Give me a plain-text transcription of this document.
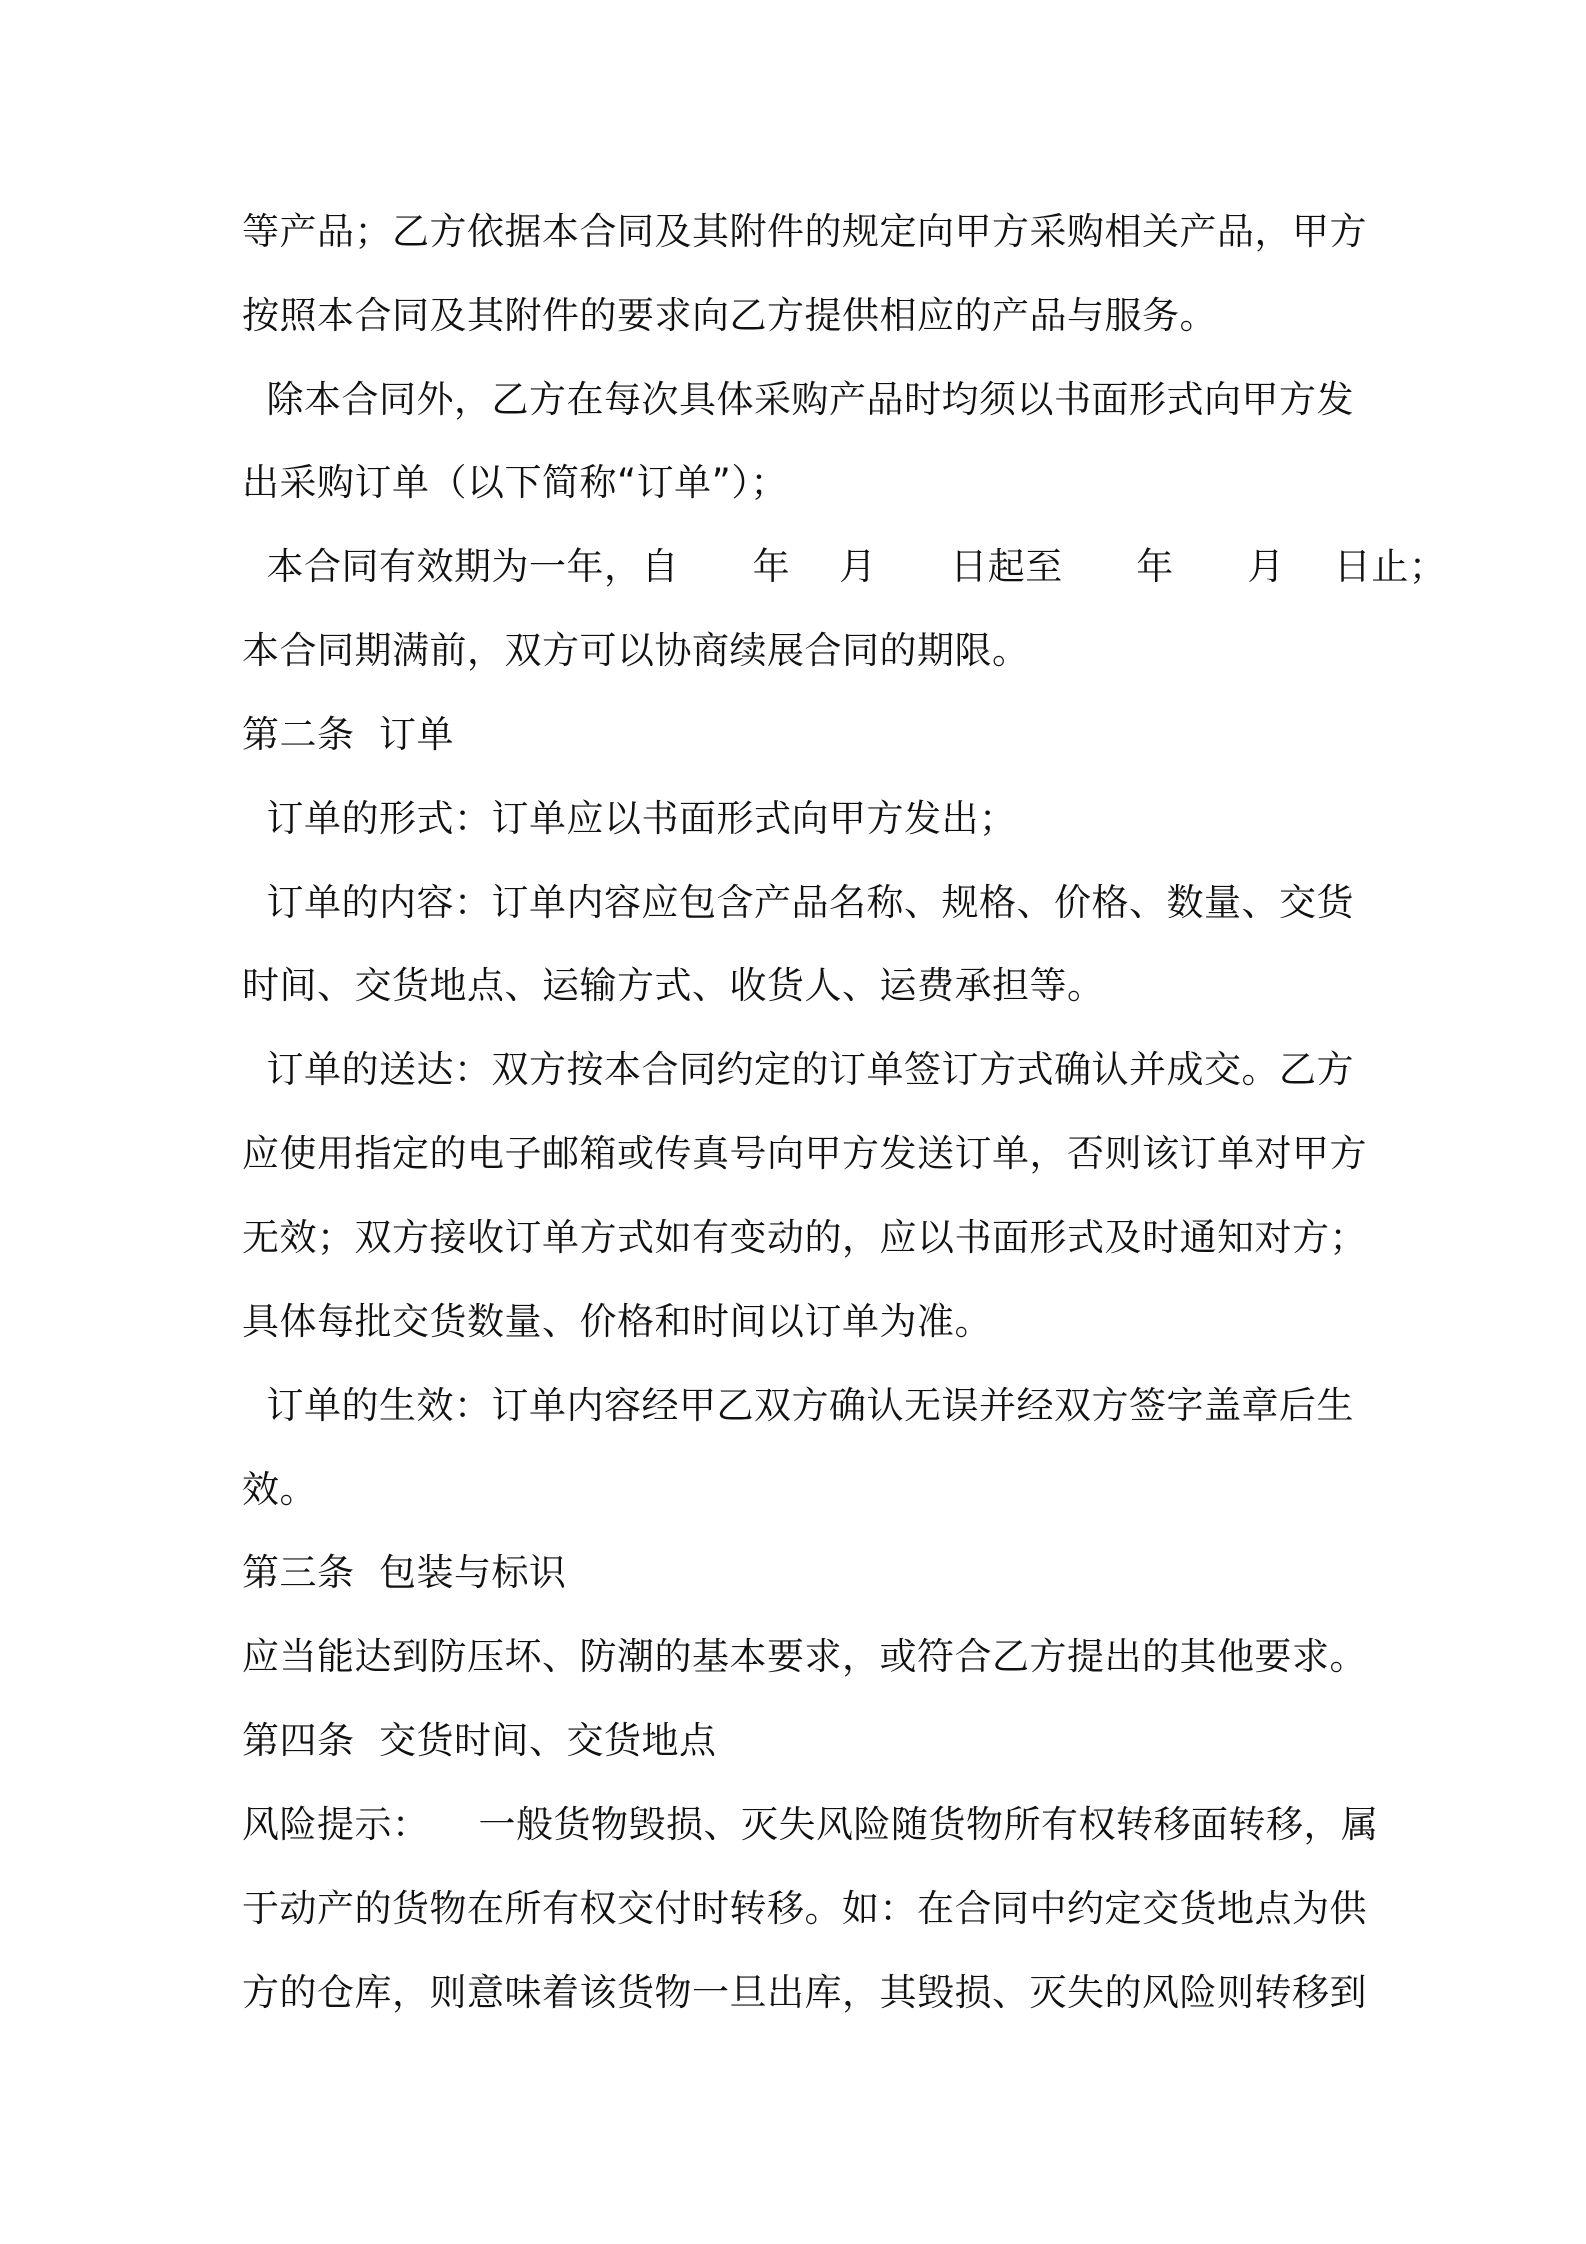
等产品；乙方依据本合同及其附件的规定向甲方采购相关产品，甲方
按照本合同及其附件的要求向乙方提供相应的产品与服务。
除本合同外，乙方在每次具体采购产品时均须以书面形式向甲方发
出采购订单（以下简称“订单”）；
本合同有效期为一年，自      年    月      日起至      年      月    日止；
本合同期满前，双方可以协商续展合同的期限。
第二条  订单
订单的形式：订单应以书面形式向甲方发出；
订单的内容：订单内容应包含产品名称、规格、价格、数量、交货
时间、交货地点、运输方式、收货人、运费承担等。
订单的送达：双方按本合同约定的订单签订方式确认并成交。乙方
应使用指定的电子邮箱或传真号向甲方发送订单，否则该订单对甲方
无效；双方接收订单方式如有变动的，应以书面形式及时通知对方；
具体每批交货数量、价格和时间以订单为准。
订单的生效：订单内容经甲乙双方确认无误并经双方签字盖章后生
效。
第三条  包装与标识
应当能达到防压坏、防潮的基本要求，或符合乙方提出的其他要求。
第四条  交货时间、交货地点
风险提示：    一般货物毁损、灭失风险随货物所有权转移面转移，属
于动产的货物在所有权交付时转移。如：在合同中约定交货地点为供
方的仓库，则意味着该货物一旦出库，其毁损、灭失的风险则转移到
